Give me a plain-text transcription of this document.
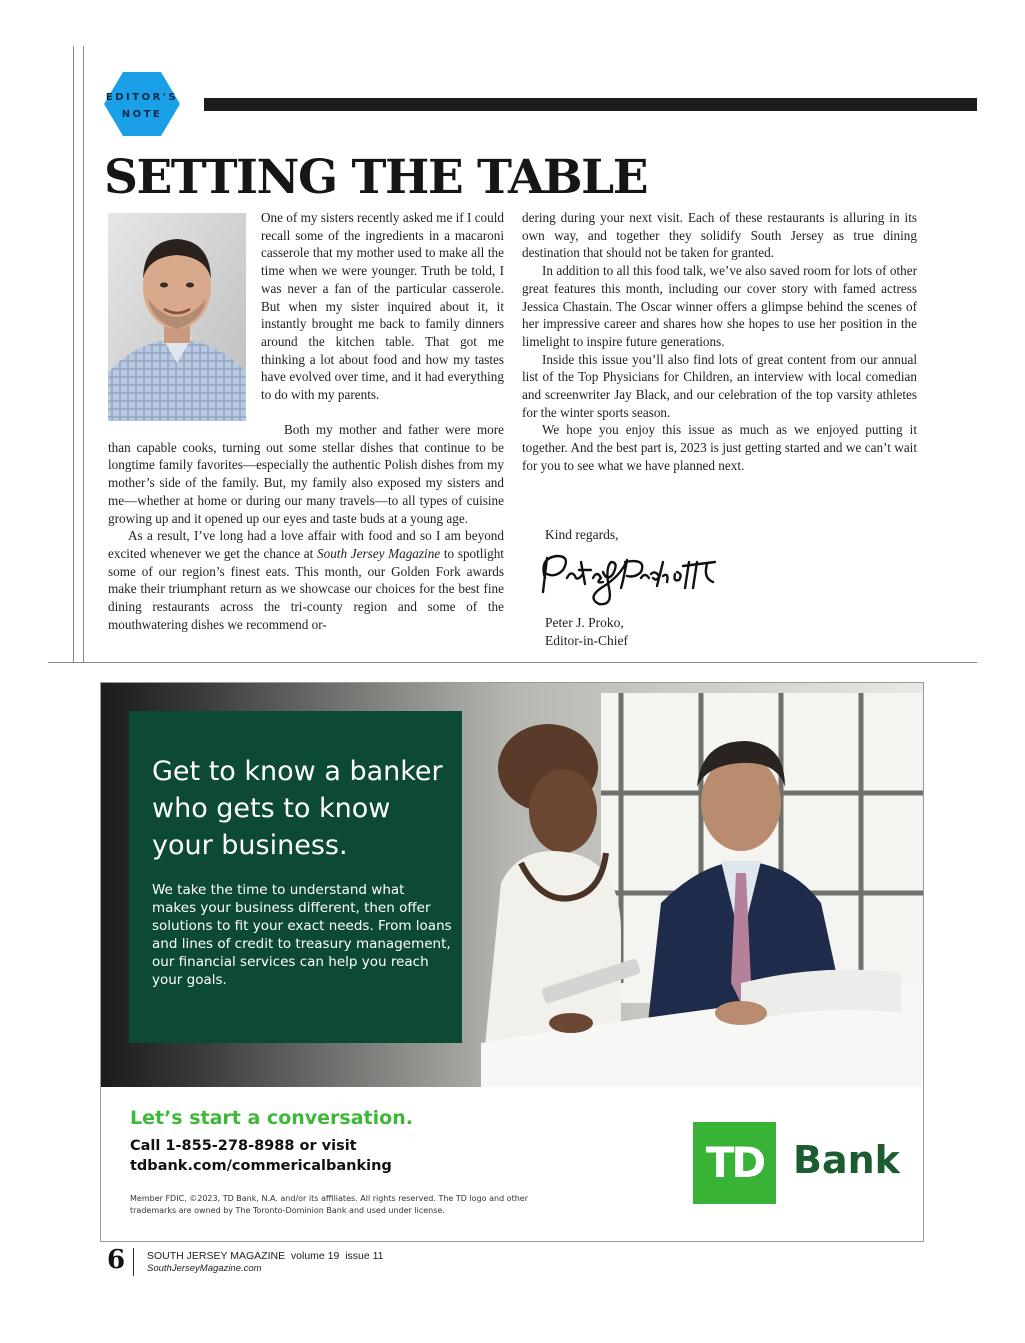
EDITOR'S
NOTE
SETTING THE TABLE

One of my sisters recently asked me if I could recall some of the ingredients in a macaroni casserole that my mother used to make all the time when we were younger. Truth be told, I was never a fan of the particular casserole. But when my sister inquired about it, it instantly brought me back to family dinners around the kitchen table. That got me thinking a lot about food and how my tastes have evolved over time, and it had everything to do with my parents.

Both my mother and father were more than capable cooks, turning out some stellar dishes that continue to be longtime family favorites—especially the authentic Polish dishes from my mother’s side of the family. But, my family also exposed my sisters and me—whether at home or during our many travels—to all types of cuisine growing up and it opened up our eyes and taste buds at a young age.

As a result, I’ve long had a love affair with food and so I am beyond excited whenever we get the chance at South Jersey Magazine to spotlight some of our region’s finest eats. This month, our Golden Fork awards make their triumphant return as we showcase our choices for the best fine dining restaurants across the tri-county region and some of the mouthwatering dishes we recommend or-

dering during your next visit. Each of these restaurants is alluring in its own way, and together they solidify South Jersey as true dining destination that should not be taken for granted.

In addition to all this food talk, we’ve also saved room for lots of other great features this month, including our cover story with famed actress Jessica Chastain. The Oscar winner offers a glimpse behind the scenes of her impressive career and shares how she hopes to use her position in the limelight to inspire future generations.

Inside this issue you’ll also find lots of great content from our annual list of the Top Physicians for Children, an interview with local comedian and screenwriter Jay Black, and our celebration of the top varsity athletes for the winter sports season.

We hope you enjoy this issue as much as we enjoyed putting it together. And the best part is, 2023 is just getting started and we can’t wait for you to see what we have planned next.

Kind regards,
Peter J. Proko,
Editor-in-Chief
Get to know a banker who gets to know your business.
We take the time to understand what makes your business different, then offer solutions to fit your exact needs. From loans and lines of credit to treasury management, our financial services can help you reach your goals.
Let’s start a conversation.
Call 1-855-278-8988 or visit
tdbank.com/commericalbanking
Member FDIC, ©2023, TD Bank, N.A. and/or its affiliates. All rights reserved. The TD logo and other trademarks are owned by The Toronto-Dominion Bank and used under license.
TD Bank
6 SOUTH JERSEY MAGAZINE  volume 19  issue 11
SouthJerseyMagazine.com
